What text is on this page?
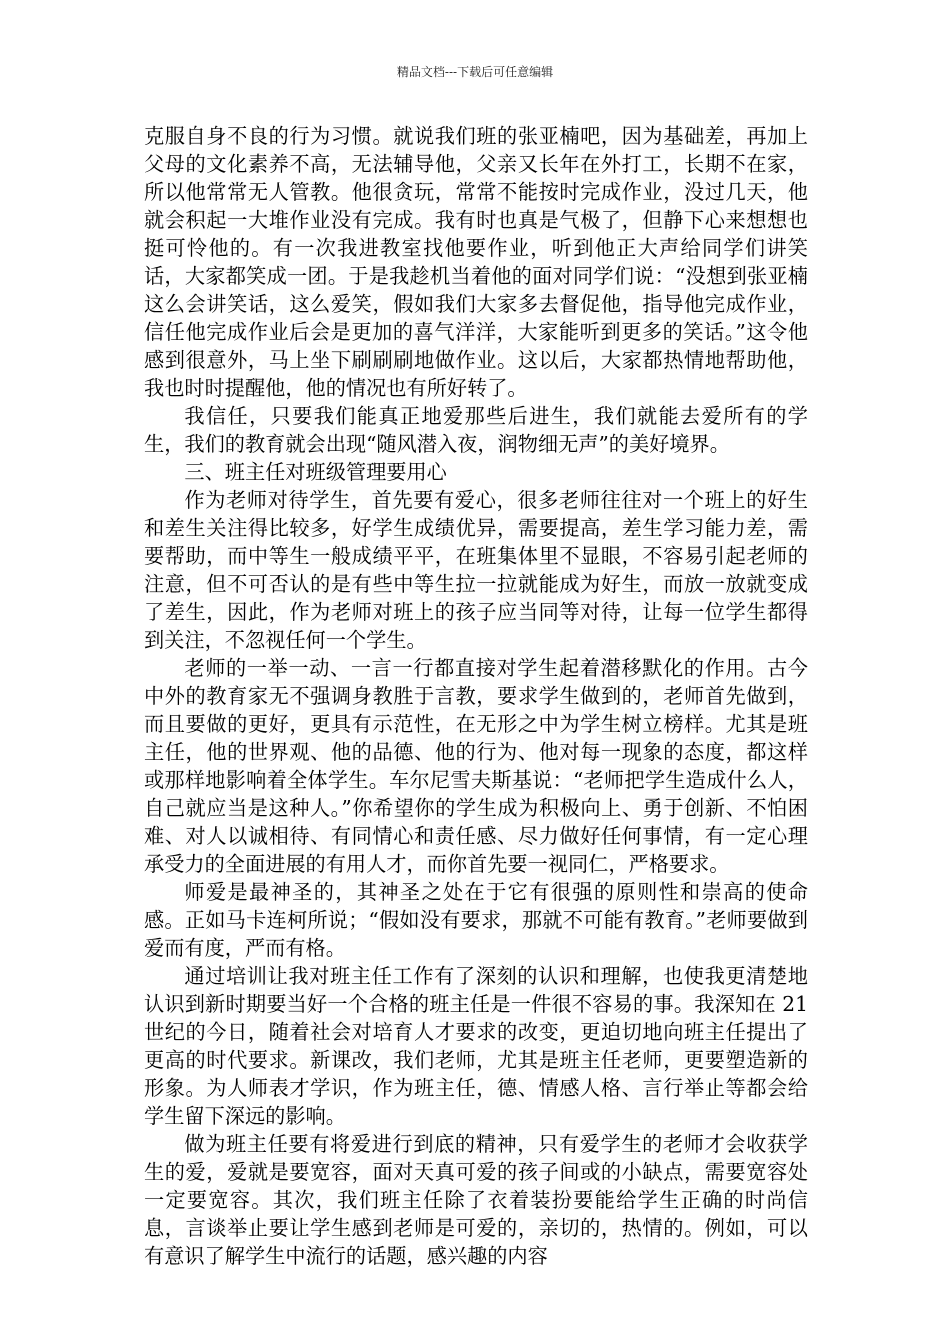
精品文档---下载后可任意编辑

克服自身不良的行为习惯。就说我们班的张亚楠吧，因为基础差，再加上父母的文化素养不高，无法辅导他，父亲又长年在外打工，长期不在家，所以他常常无人管教。他很贪玩，常常不能按时完成作业，没过几天，他就会积起一大堆作业没有完成。我有时也真是气极了，但静下心来想想也挺可怜他的。有一次我进教室找他要作业，听到他正大声给同学们讲笑话，大家都笑成一团。于是我趁机当着他的面对同学们说：“没想到张亚楠这么会讲笑话，这么爱笑，假如我们大家多去督促他，指导他完成作业，信任他完成作业后会是更加的喜气洋洋，大家能听到更多的笑话。”这令他感到很意外，马上坐下刷刷刷地做作业。这以后，大家都热情地帮助他，我也时时提醒他，他的情况也有所好转了。

我信任，只要我们能真正地爱那些后进生，我们就能去爱所有的学生，我们的教育就会出现“随风潜入夜，润物细无声”的美好境界。

三、班主任对班级管理要用心

作为老师对待学生，首先要有爱心，很多老师往往对一个班上的好生和差生关注得比较多，好学生成绩优异，需要提高，差生学习能力差，需要帮助，而中等生一般成绩平平，在班集体里不显眼，不容易引起老师的注意，但不可否认的是有些中等生拉一拉就能成为好生，而放一放就变成了差生，因此，作为老师对班上的孩子应当同等对待，让每一位学生都得到关注，不忽视任何一个学生。

老师的一举一动、一言一行都直接对学生起着潜移默化的作用。古今中外的教育家无不强调身教胜于言教，要求学生做到的，老师首先做到，而且要做的更好，更具有示范性，在无形之中为学生树立榜样。尤其是班主任，他的世界观、他的品德、他的行为、他对每一现象的态度，都这样或那样地影响着全体学生。车尔尼雪夫斯基说：“老师把学生造成什么人，自己就应当是这种人。”你希望你的学生成为积极向上、勇于创新、不怕困难、对人以诚相待、有同情心和责任感、尽力做好任何事情，有一定心理承受力的全面进展的有用人才，而你首先要一视同仁，严格要求。

师爱是最神圣的，其神圣之处在于它有很强的原则性和崇高的使命感。正如马卡连柯所说；“假如没有要求，那就不可能有教育。”老师要做到爱而有度，严而有格。

通过培训让我对班主任工作有了深刻的认识和理解，也使我更清楚地认识到新时期要当好一个合格的班主任是一件很不容易的事。我深知在 21 世纪的今日，随着社会对培育人才要求的改变，更迫切地向班主任提出了更高的时代要求。新课改，我们老师，尤其是班主任老师，更要塑造新的形象。为人师表才学识，作为班主任，德、情感人格、言行举止等都会给学生留下深远的影响。

做为班主任要有将爱进行到底的精神，只有爱学生的老师才会收获学生的爱，爱就是要宽容，面对天真可爱的孩子间或的小缺点，需要宽容处一定要宽容。其次，我们班主任除了衣着装扮要能给学生正确的时尚信息，言谈举止要让学生感到老师是可爱的，亲切的，热情的。例如，可以有意识了解学生中流行的话题，感兴趣的内容
